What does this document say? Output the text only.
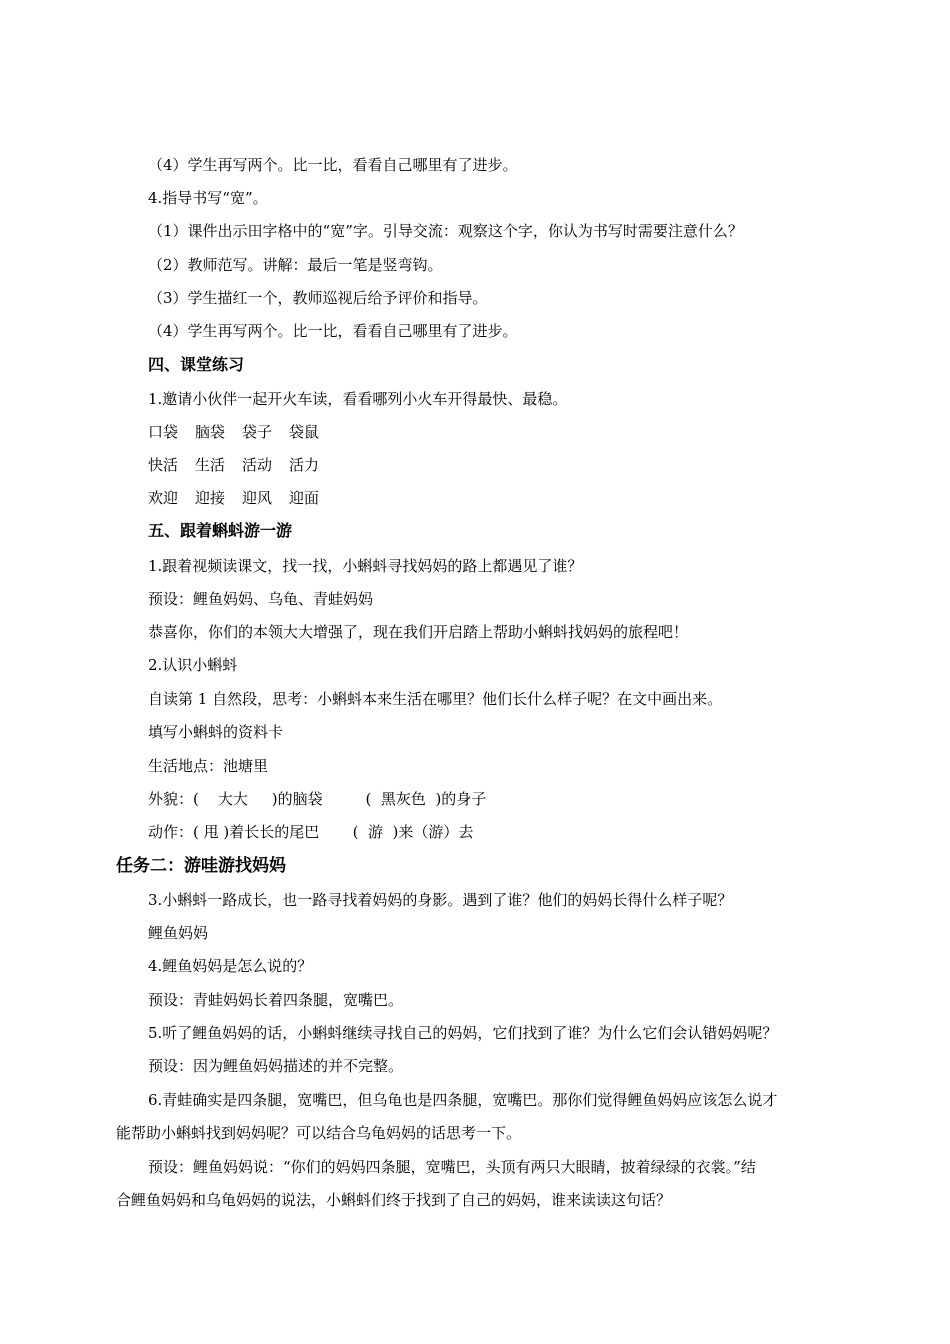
（4）学生再写两个。比一比，看看自己哪里有了进步。
4.指导书写“宽”。
（1）课件出示田字格中的“宽”字。引导交流：观察这个字，你认为书写时需要注意什么？
（2）教师范写。讲解：最后一笔是竖弯钩。
（3）学生描红一个，教师巡视后给予评价和指导。
（4）学生再写两个。比一比，看看自己哪里有了进步。
四、课堂练习
1.邀请小伙伴一起开火车读，看看哪列小火车开得最快、最稳。
口袋 脑袋 袋子 袋鼠
快活 生活 活动 活力
欢迎 迎接 迎风 迎面
五、跟着蝌蚪游一游
1.跟着视频读课文，找一找，小蝌蚪寻找妈妈的路上都遇见了谁？
预设：鲤鱼妈妈、乌龟、青蛙妈妈
恭喜你，你们的本领大大增强了，现在我们开启踏上帮助小蝌蚪找妈妈的旅程吧！
2.认识小蝌蚪
自读第 1 自然段，思考：小蝌蚪本来生活在哪里？他们长什么样子呢？在文中画出来。
填写小蝌蚪的资料卡
生活地点：池塘里
外貌：(    大大     )的脑袋         (  黑灰色  )的身子
动作：( 甩 )着长长的尾巴       (  游  )来（游）去
任务二：游哇游找妈妈
3.小蝌蚪一路成长，也一路寻找着妈妈的身影。遇到了谁？他们的妈妈长得什么样子呢？
鲤鱼妈妈
4.鲤鱼妈妈是怎么说的？
预设：青蛙妈妈长着四条腿，宽嘴巴。
5.听了鲤鱼妈妈的话，小蝌蚪继续寻找自己的妈妈，它们找到了谁？为什么它们会认错妈妈呢？
预设：因为鲤鱼妈妈描述的并不完整。
6.青蛙确实是四条腿，宽嘴巴，但乌龟也是四条腿，宽嘴巴。那你们觉得鲤鱼妈妈应该怎么说才
能帮助小蝌蚪找到妈妈呢？可以结合乌龟妈妈的话思考一下。
预设：鲤鱼妈妈说：“你们的妈妈四条腿，宽嘴巴，头顶有两只大眼睛，披着绿绿的衣裳。”结
合鲤鱼妈妈和乌龟妈妈的说法，小蝌蚪们终于找到了自己的妈妈，谁来读读这句话？
